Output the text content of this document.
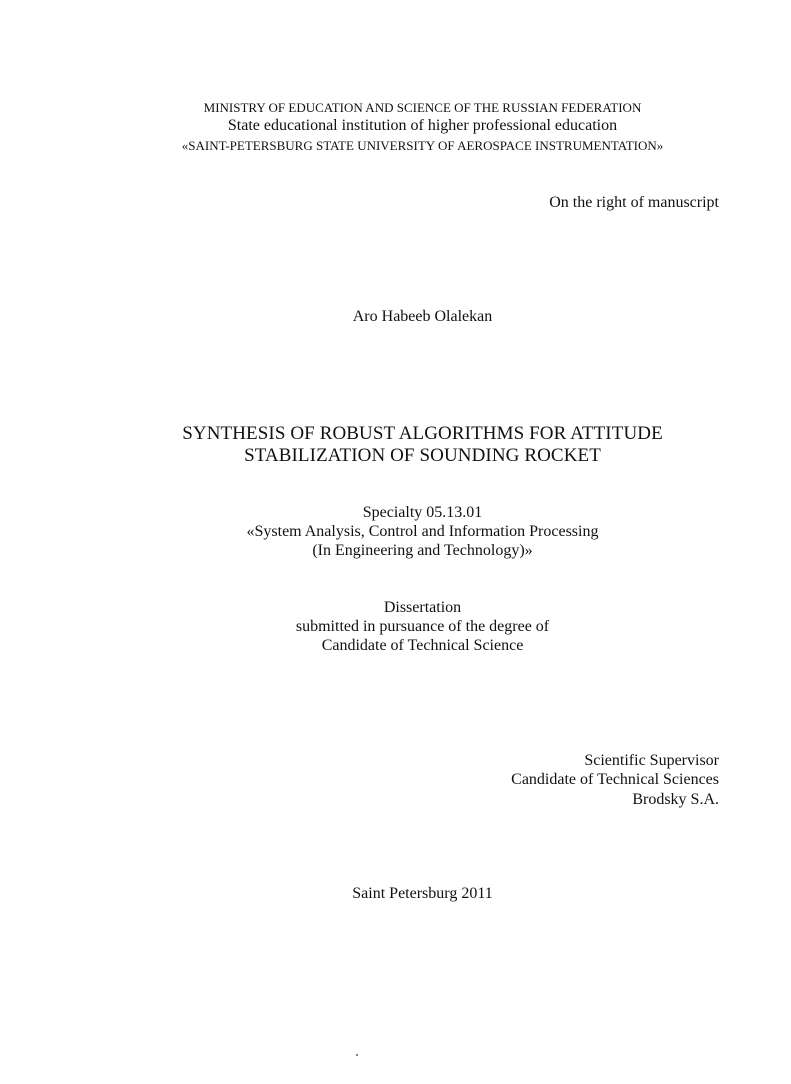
MINISTRY OF EDUCATION AND SCIENCE OF THE RUSSIAN FEDERATION
State educational institution of higher professional education
«SAINT-PETERSBURG STATE UNIVERSITY OF AEROSPACE INSTRUMENTATION»
On the right of manuscript
Aro Habeeb Olalekan
SYNTHESIS OF ROBUST ALGORITHMS FOR ATTITUDE
STABILIZATION OF SOUNDING ROCKET
Specialty 05.13.01
«System Analysis, Control and Information Processing
(In Engineering and Technology)»
Dissertation
submitted in pursuance of the degree of
Candidate of Technical Science
Scientific Supervisor
Candidate of Technical Sciences
Brodsky S.A.
Saint Petersburg 2011
